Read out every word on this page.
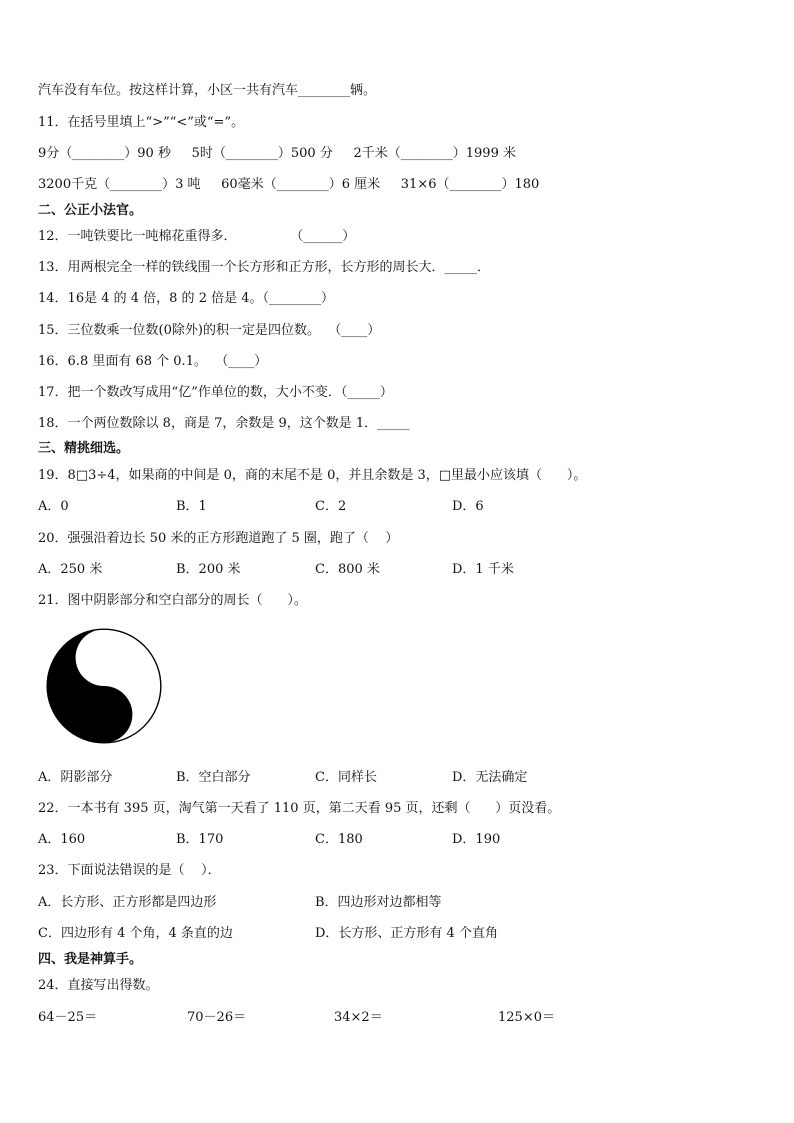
汽车没有车位。按这样计算，小区一共有汽车________辆。
11．在括号里填上“>”“<”或“=”。
9分（________）90 秒     5时（________）500 分     2千米（________）1999 米
3200千克（________）3 吨     60毫米（________）6 厘米     31×6（________）180
二、公正小法官。
12．一吨铁要比一吨棉花重得多．             （______）
13．用两根完全一样的铁线围一个长方形和正方形，长方形的周长大．_____．
14．16是 4 的 4 倍，8 的 2 倍是 4。（________）
15．三位数乘一位数(0除外)的积一定是四位数。  （____）
16．6.8 里面有 68 个 0.1。  （____）
17．把一个数改写成用“亿”作单位的数，大小不变．（_____）
18．一个两位数除以 8，商是 7，余数是 9，这个数是 1．_____
三、精挑细选。
19．8□3÷4，如果商的中间是 0，商的末尾不是 0，并且余数是 3，□里最小应该填（      ）。
A．0	B．1	C．2	D．6
20．强强沿着边长 50 米的正方形跑道跑了 5 圈，跑了（    ）
A．250 米	B．200 米	C．800 米	D．1 千米
21．图中阴影部分和空白部分的周长（      ）。
A．阴影部分	B．空白部分	C．同样长	D．无法确定
22．一本书有 395 页，淘气第一天看了 110 页，第二天看 95 页，还剩（      ）页没看。
A．160	B．170	C．180	D．190
23．下面说法错误的是（    ）．
A．长方形、正方形都是四边形	B．四边形对边都相等
C．四边形有 4 个角，4 条直的边	D．长方形、正方形有 4 个直角
四、我是神算手。
24．直接写出得数。
64－25＝	70－26＝	34×2＝	125×0＝
